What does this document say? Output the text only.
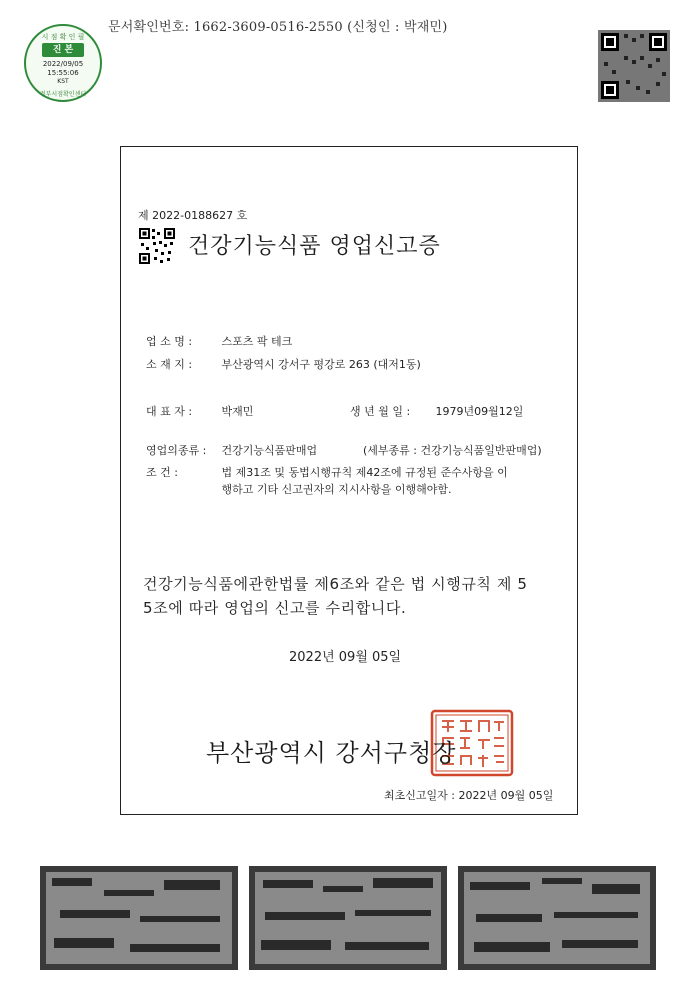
문서확인번호: 1662-3609-0516-2550 (신청인 : 박재민)
시 점 확 인 필
진 본
2022/09/05
15:55:06
KST
정부시점확인센터
제 2022-0188627 호
건강기능식품 영업신고증
업 소 명 :	스포츠 팍 테크
소 재 지 :	부산광역시 강서구 평강로 263 (대저1동)
대 표 자 :	박재민	생 년 월 일 : 1979년09월12일
영업의종류 : 건강기능식품판매업	(세부종류 : 건강기능식품일반판매업)
조 건 :	법 제31조 및 동법시행규칙 제42조에 규정된 준수사항을 이
행하고 기타 신고권자의 지시사항을 이행해야함.
건강기능식품에관한법률 제6조와 같은 법 시행규칙 제 5
5조에 따라 영업의 신고를 수리합니다.
2022년 09월 05일
부산광역시 강서구청장
최초신고일자 : 2022년 09월 05일
